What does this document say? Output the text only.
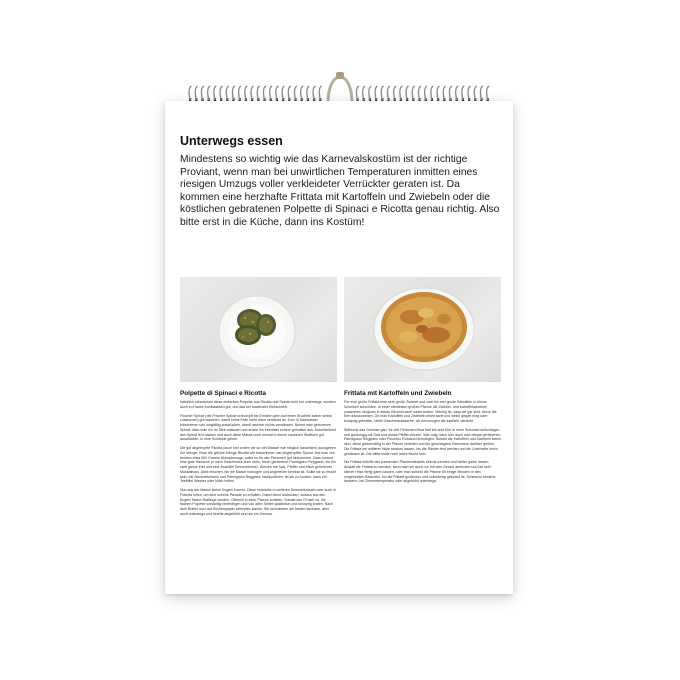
Unterwegs essen

Mindestens so wichtig wie das Karnevalskostüm ist der richtige Proviant, wenn man bei unwirtlichen Temperaturen inmitten eines riesigen Umzugs voller verkleideter Verrückter geraten ist. Da kommen eine herzhafte Frittata mit Kartoffeln und Zwiebeln oder die köstlichen gebratenen Polpette di Spinaci e Ricotta genau richtig. Also bitte erst in die Küche, dann ins Kostüm!

Polpette di Spinaci e Ricotta	Frittata mit Kartoffeln und Zwiebeln

Natürlich schmecken diese einfachen Polpette aus Ricotta und Spinat nicht nur unterwegs, sondern auch zu Hause bombastisch gut, und das bei maximaler Einfachheit.

Frischer Spinat (viel Frischer Spinat schrumpft bei Erhitzen gern auf einen Bruchteil seiner selbst zusammen) gut waschen, damit keine Erde mehr dann versteckt ist. Kurz in Salzwasser blanchieren und sorgfältig ausdrücken, damit nachher nichts verwässert. Nimmt man gefrorenen Spinat, lässt man ihn im Sieb auftauen und drückt ihn ebenfalls extrem gründlich aus. Anschließend den Spinat fein hacken und auch diese Masse noch einmal in einem sauberen Stofftuch gut ausdrücken. In eine Schüssel geben.

Die gut abgetropfte Ricotta (auch hier wollen wir so viel Wasser wie möglich loswerden) dazugeben. Zur Menge: Etwa die gleiche Menge Ricotta wie blanchierter und abgetropfter Spinat. Hat man von beidem etwa 500 Gramm Abtropfmenge, sollte es für vier Personen gut hinkommen. Dazu kommt eine gute Handvoll, je nach Geschmack auch mehr, frisch geriebener Parmigiano Reggiano, ein bis zwei ganze Eier und eine Esslöffel Semmelbrösel. Würzen mit Salz, Pfeffer und frisch geriebener Muskatnuss. Alles mischen, bis die Masse homogen und angenehm formbar ist. Sollte sie zu feucht sein, mit Semmelbröseln und Parmigiano Reggiano nachjustieren; ist sie zu trocken, kann ein Teelöffel Wasser oder Milch helfen.

Nun aus der Masse kleine Kugeln formen. Diese entweder in weiteren Semmelbröseln oder auch in Polenta rollen, um eine schöne Panade zu erhalten. Dabei leicht andrücken, sodass aus den Kugeln flache Bratlinge werden. Olivenöl in einer Pfanne erhitzen. Sobald das Öl heiß ist, die flachen Polpette vorsichtig hineinlegen und von allen Seiten goldbraun und knusprig braten. Nach dem Braten kurz auf Küchenpapier abtropfen lassen. Sie schmecken am besten lauwarm, aber auch unterwegs und bereits abgekühlt sind sie ein Genuss.

Für eine große Frittata eine sehr große Zwiebel und zwei bis drei große Kartoffeln in dünne Scheiben schneiden. In einer ofenfesten großen Pfanne die Zwiebel- und Kartoffelscheiben zusammen langsam in etwas Olivenöl sanft weich braten. Wichtig ist, dass sie gar sind, bevor die Eier dazukommen. Ob man Kartoffeln und Zwiebeln leicht sanft und weich gegart mag oder knusprig gebraten, bleibt Geschmackssache; wir bevorzugen die sanftere Variante.

Während das Gemüse gart, für vier Personen etwa fünf bis acht Eier in einer Schüssel aufschlagen und großzügig mit Salz und etwas Pfeffer würzen. Wer mag, kann hier auch noch etwas geriebenen Parmigiano Reggiano oder Pecorino Romano hinzufügen. Sobald die Kartoffeln und Zwiebeln weich sind, diese gleichmäßig in der Pfanne verteilen und die geschlagene Eiermasse darüber gießen. Die Frittata bei mittlerer Hitze stocken lassen, bis die Ränder fest werden und die Unterseite leicht goldbraun ist. Die Mitte sollte noch leicht feucht sein.

Die Frittata mithilfe des passenden Pfannendeckels einmal wenden und weiter garen lassen. Anstatt die Frittata zu wenden, kann man sie auch nur mit dem Deckel abdecken und bei sehr kleiner Hitze fertig garen lassen, oder man schiebt die Pfanne für einige Minuten in den vorgeheizten Backofen, bis die Frittata goldbraun und vollständig gestockt ist. Schmeckt bestens lauwarm, bei Zimmertemperatur oder abgekühlt unterwegs.
